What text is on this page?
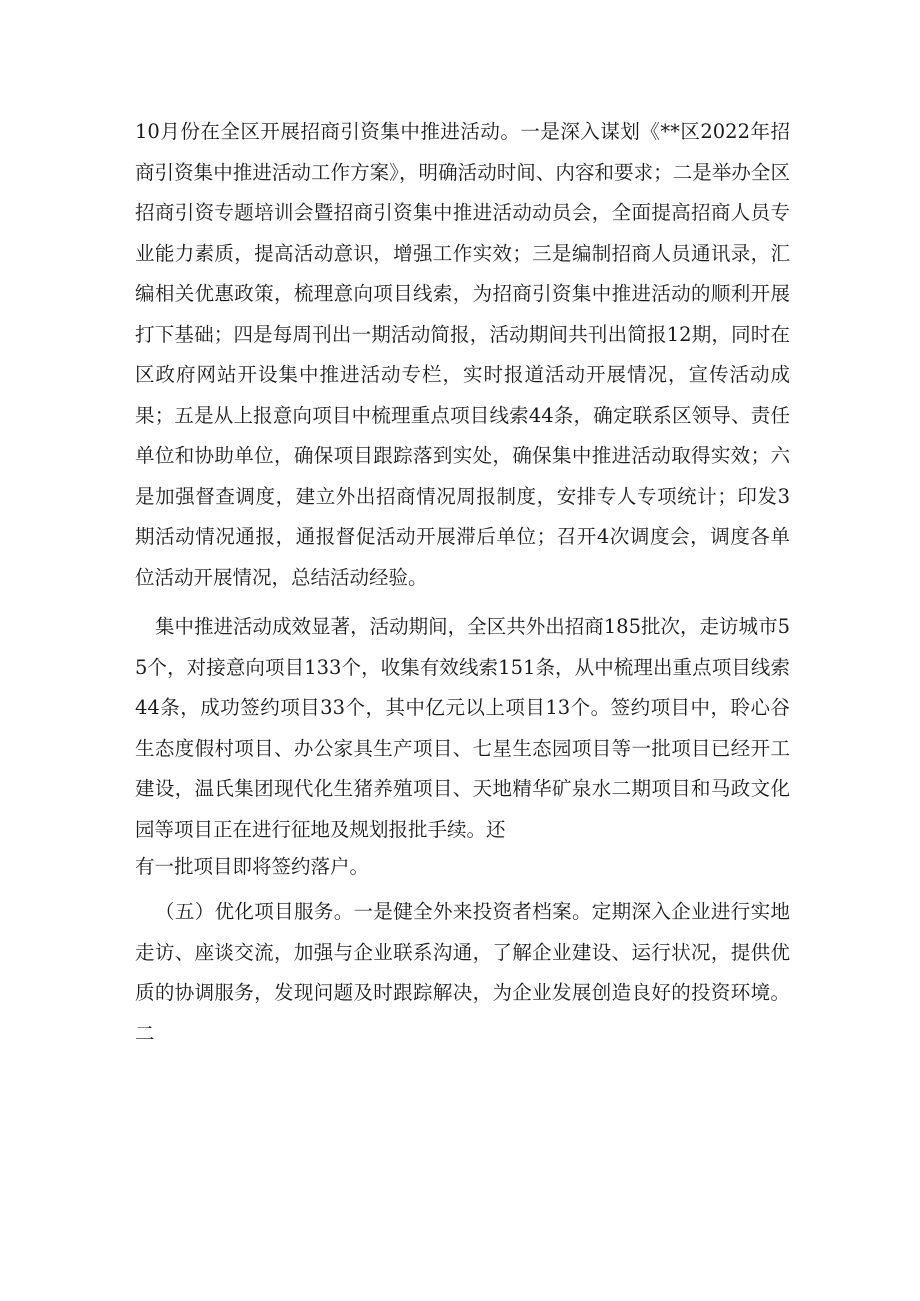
10月份在全区开展招商引资集中推进活动。一是深入谋划《**区2022年招商引资集中推进活动工作方案》，明确活动时间、内容和要求；二是举办全区招商引资专题培训会暨招商引资集中推进活动动员会，全面提高招商人员专业能力素质，提高活动意识，增强工作实效；三是编制招商人员通讯录，汇编相关优惠政策，梳理意向项目线索，为招商引资集中推进活动的顺利开展打下基础；四是每周刊出一期活动简报，活动期间共刊出简报12期，同时在区政府网站开设集中推进活动专栏，实时报道活动开展情况，宣传活动成果；五是从上报意向项目中梳理重点项目线索44条，确定联系区领导、责任单位和协助单位，确保项目跟踪落到实处，确保集中推进活动取得实效；六是加强督查调度，建立外出招商情况周报制度，安排专人专项统计；印发3期活动情况通报，通报督促活动开展滞后单位；召开4次调度会，调度各单位活动开展情况，总结活动经验。

集中推进活动成效显著，活动期间，全区共外出招商185批次，走访城市55个，对接意向项目133个，收集有效线索151条，从中梳理出重点项目线索44条，成功签约项目33个，其中亿元以上项目13个。签约项目中，聆心谷生态度假村项目、办公家具生产项目、七星生态园项目等一批项目已经开工建设，温氏集团现代化生猪养殖项目、天地精华矿泉水二期项目和马政文化园等项目正在进行征地及规划报批手续。还

有一批项目即将签约落户。

（五）优化项目服务。一是健全外来投资者档案。定期深入企业进行实地走访、座谈交流，加强与企业联系沟通，了解企业建设、运行状况，提供优质的协调服务，发现问题及时跟踪解决，为企业发展创造良好的投资环境。二
